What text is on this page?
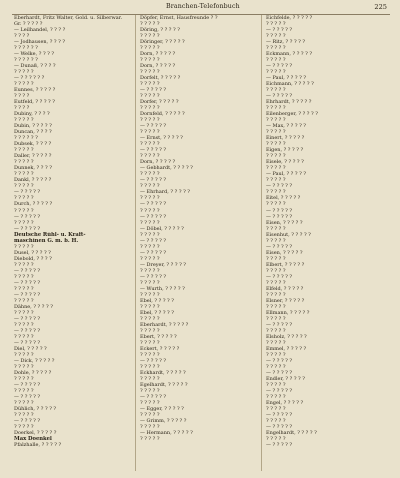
Branchen-Telefonbuch	225
Eberhardt, Fritz Walter, Gold. u. Silberwar.
Gr. ? ? ? ? ?
— Leilhandel, ? ? ? ?
? ? ? ?
— Jodhausen, ? ? ? ?
? ? ? ? ? ?
— Welke, ? ? ? ?
? ? ? ? ? ?
— Dunaß, ? ? ? ?
? ? ? ? ?
— ? ? ? ? ? ?
? ? ? ? ?
Eunnes, ? ? ? ? ?
? ? ? ?
Eutfeld, ? ? ? ? ?
? ? ? ?
Dubiny, ? ? ? ?
? ? ? ? ?
Dubin, ? ? ? ? ?
Duncan, ? ? ? ?
? ? ? ? ? ?
Dubsek, ? ? ? ?
? ? ? ? ?
Daller, ? ? ? ? ?
? ? ? ? ?
Dunnek, ? ? ? ?
? ? ? ? ?
Dankl, ? ? ? ? ?
? ? ? ? ?
— ? ? ? ? ?
? ? ? ? ?
Durch, ? ? ? ? ?
? ? ? ? ?
— ? ? ? ? ?
? ? ? ? ?
— ? ? ? ? ?
Deutsche Rühl- u. Kraft-
maschinen G. m. b. H.
? ? ? ? ?
Dusel, ? ? ? ? ?
Diebold, ? ? ? ?
? ? ? ? ?
— ? ? ? ? ?
? ? ? ? ?
— ? ? ? ? ?
? ? ? ? ?
— ? ? ? ? ?
? ? ? ? ?
Dähne, ? ? ? ? ?
? ? ? ? ?
— ? ? ? ? ?
? ? ? ? ?
— ? ? ? ? ?
? ? ? ? ?
— ? ? ? ? ?
Diel, ? ? ? ? ?
? ? ? ? ?
— Dick, ? ? ? ? ?
? ? ? ? ?
Dohle, ? ? ? ? ?
? ? ? ? ?
— ? ? ? ? ?
? ? ? ? ?
— ? ? ? ? ?
? ? ? ? ?
Dühlich, ? ? ? ? ?
? ? ? ? ?
— ? ? ? ? ?
? ? ? ? ?
Doerkel, ? ? ? ? ?
Max Doenkel
Pfalzhalle, ? ? ? ? ?
Döpfer, Ernst, Hausfreunde ? ?
? ? ? ? ?
Döring, ? ? ? ? ?
? ? ? ? ?
Döringer, ? ? ? ? ?
? ? ? ? ?
Dorn, ? ? ? ? ?
? ? ? ? ?
Dorn, ? ? ? ? ?
? ? ? ? ?
Dorfelt, ? ? ? ? ?
? ? ? ? ?
— ? ? ? ? ?
? ? ? ? ?
Dorfer, ? ? ? ? ?
? ? ? ? ?
Dornfeld, ? ? ? ? ?
? ? ? ? ?
— ? ? ? ? ?
? ? ? ? ?
— Ernst, ? ? ? ? ?
? ? ? ? ?
— ? ? ? ? ?
? ? ? ? ?
Dorn, ? ? ? ? ?
— Gebhardt, ? ? ? ? ?
? ? ? ? ?
— ? ? ? ? ?
? ? ? ? ?
— Ehrhard, ? ? ? ? ?
? ? ? ? ?
— ? ? ? ? ?
? ? ? ? ?
— ? ? ? ? ?
? ? ? ? ?
— Döbel, ? ? ? ? ?
? ? ? ? ?
— ? ? ? ? ?
? ? ? ? ?
— ? ? ? ? ?
? ? ? ? ?
— Dreyer, ? ? ? ? ?
? ? ? ? ?
— ? ? ? ? ?
? ? ? ? ?
— Wurth, ? ? ? ? ?
? ? ? ? ?
Ebel, ? ? ? ? ?
? ? ? ? ?
Ebel, ? ? ? ? ?
? ? ? ? ?
Eberhardt, ? ? ? ? ?
? ? ? ? ?
Ebert, ? ? ? ? ?
? ? ? ? ?
Eckert, ? ? ? ? ?
? ? ? ? ?
— ? ? ? ? ?
? ? ? ? ?
Eckhardt, ? ? ? ? ?
? ? ? ? ?
Egelhardt, ? ? ? ? ?
? ? ? ? ?
— ? ? ? ? ?
? ? ? ? ?
— Egger, ? ? ? ? ?
? ? ? ? ?
— Grimm, ? ? ? ? ?
? ? ? ? ?
— Hermann, ? ? ? ? ?
? ? ? ? ?
Eichfelde, ? ? ? ? ?
? ? ? ? ?
— ? ? ? ? ?
? ? ? ? ?
— Ritz, ? ? ? ? ?
? ? ? ? ?
Eckmann, ? ? ? ? ?
? ? ? ? ?
— ? ? ? ? ?
? ? ? ? ?
— Paul, ? ? ? ? ?
Eichmann, ? ? ? ? ?
? ? ? ? ?
— ? ? ? ? ?
Ehrhardt, ? ? ? ? ?
? ? ? ? ?
Eilenberger, ? ? ? ? ?
? ? ? ? ?
— Max, ? ? ? ? ?
? ? ? ? ?
Einert, ? ? ? ? ?
? ? ? ? ?
Eigen, ? ? ? ? ?
? ? ? ? ?
Eisele, ? ? ? ? ?
? ? ? ? ?
— Paul, ? ? ? ? ?
? ? ? ? ?
— ? ? ? ? ?
? ? ? ? ?
Eitel, ? ? ? ? ?
? ? ? ? ?
— ? ? ? ? ?
— ? ? ? ? ?
Eisen, ? ? ? ? ?
? ? ? ? ?
Eisenhut, ? ? ? ? ?
? ? ? ? ?
— ? ? ? ? ?
Eisen, ? ? ? ? ?
? ? ? ? ?
Elbert, ? ? ? ? ?
? ? ? ? ?
— ? ? ? ? ?
? ? ? ? ?
Elfeld, ? ? ? ? ?
? ? ? ? ?
Elsner, ? ? ? ? ?
? ? ? ? ?
Ellmann, ? ? ? ? ?
? ? ? ? ?
— ? ? ? ? ?
? ? ? ? ?
Elsholz, ? ? ? ? ?
? ? ? ? ?
Emmel, ? ? ? ? ?
? ? ? ? ?
— ? ? ? ? ?
? ? ? ? ?
— ? ? ? ? ?
Endler, ? ? ? ? ?
? ? ? ? ?
— ? ? ? ? ?
? ? ? ? ?
Engel, ? ? ? ? ?
? ? ? ? ?
— ? ? ? ? ?
? ? ? ? ?
— ? ? ? ? ?
Engelhardt, ? ? ? ? ?
? ? ? ? ?
— ? ? ? ? ?
